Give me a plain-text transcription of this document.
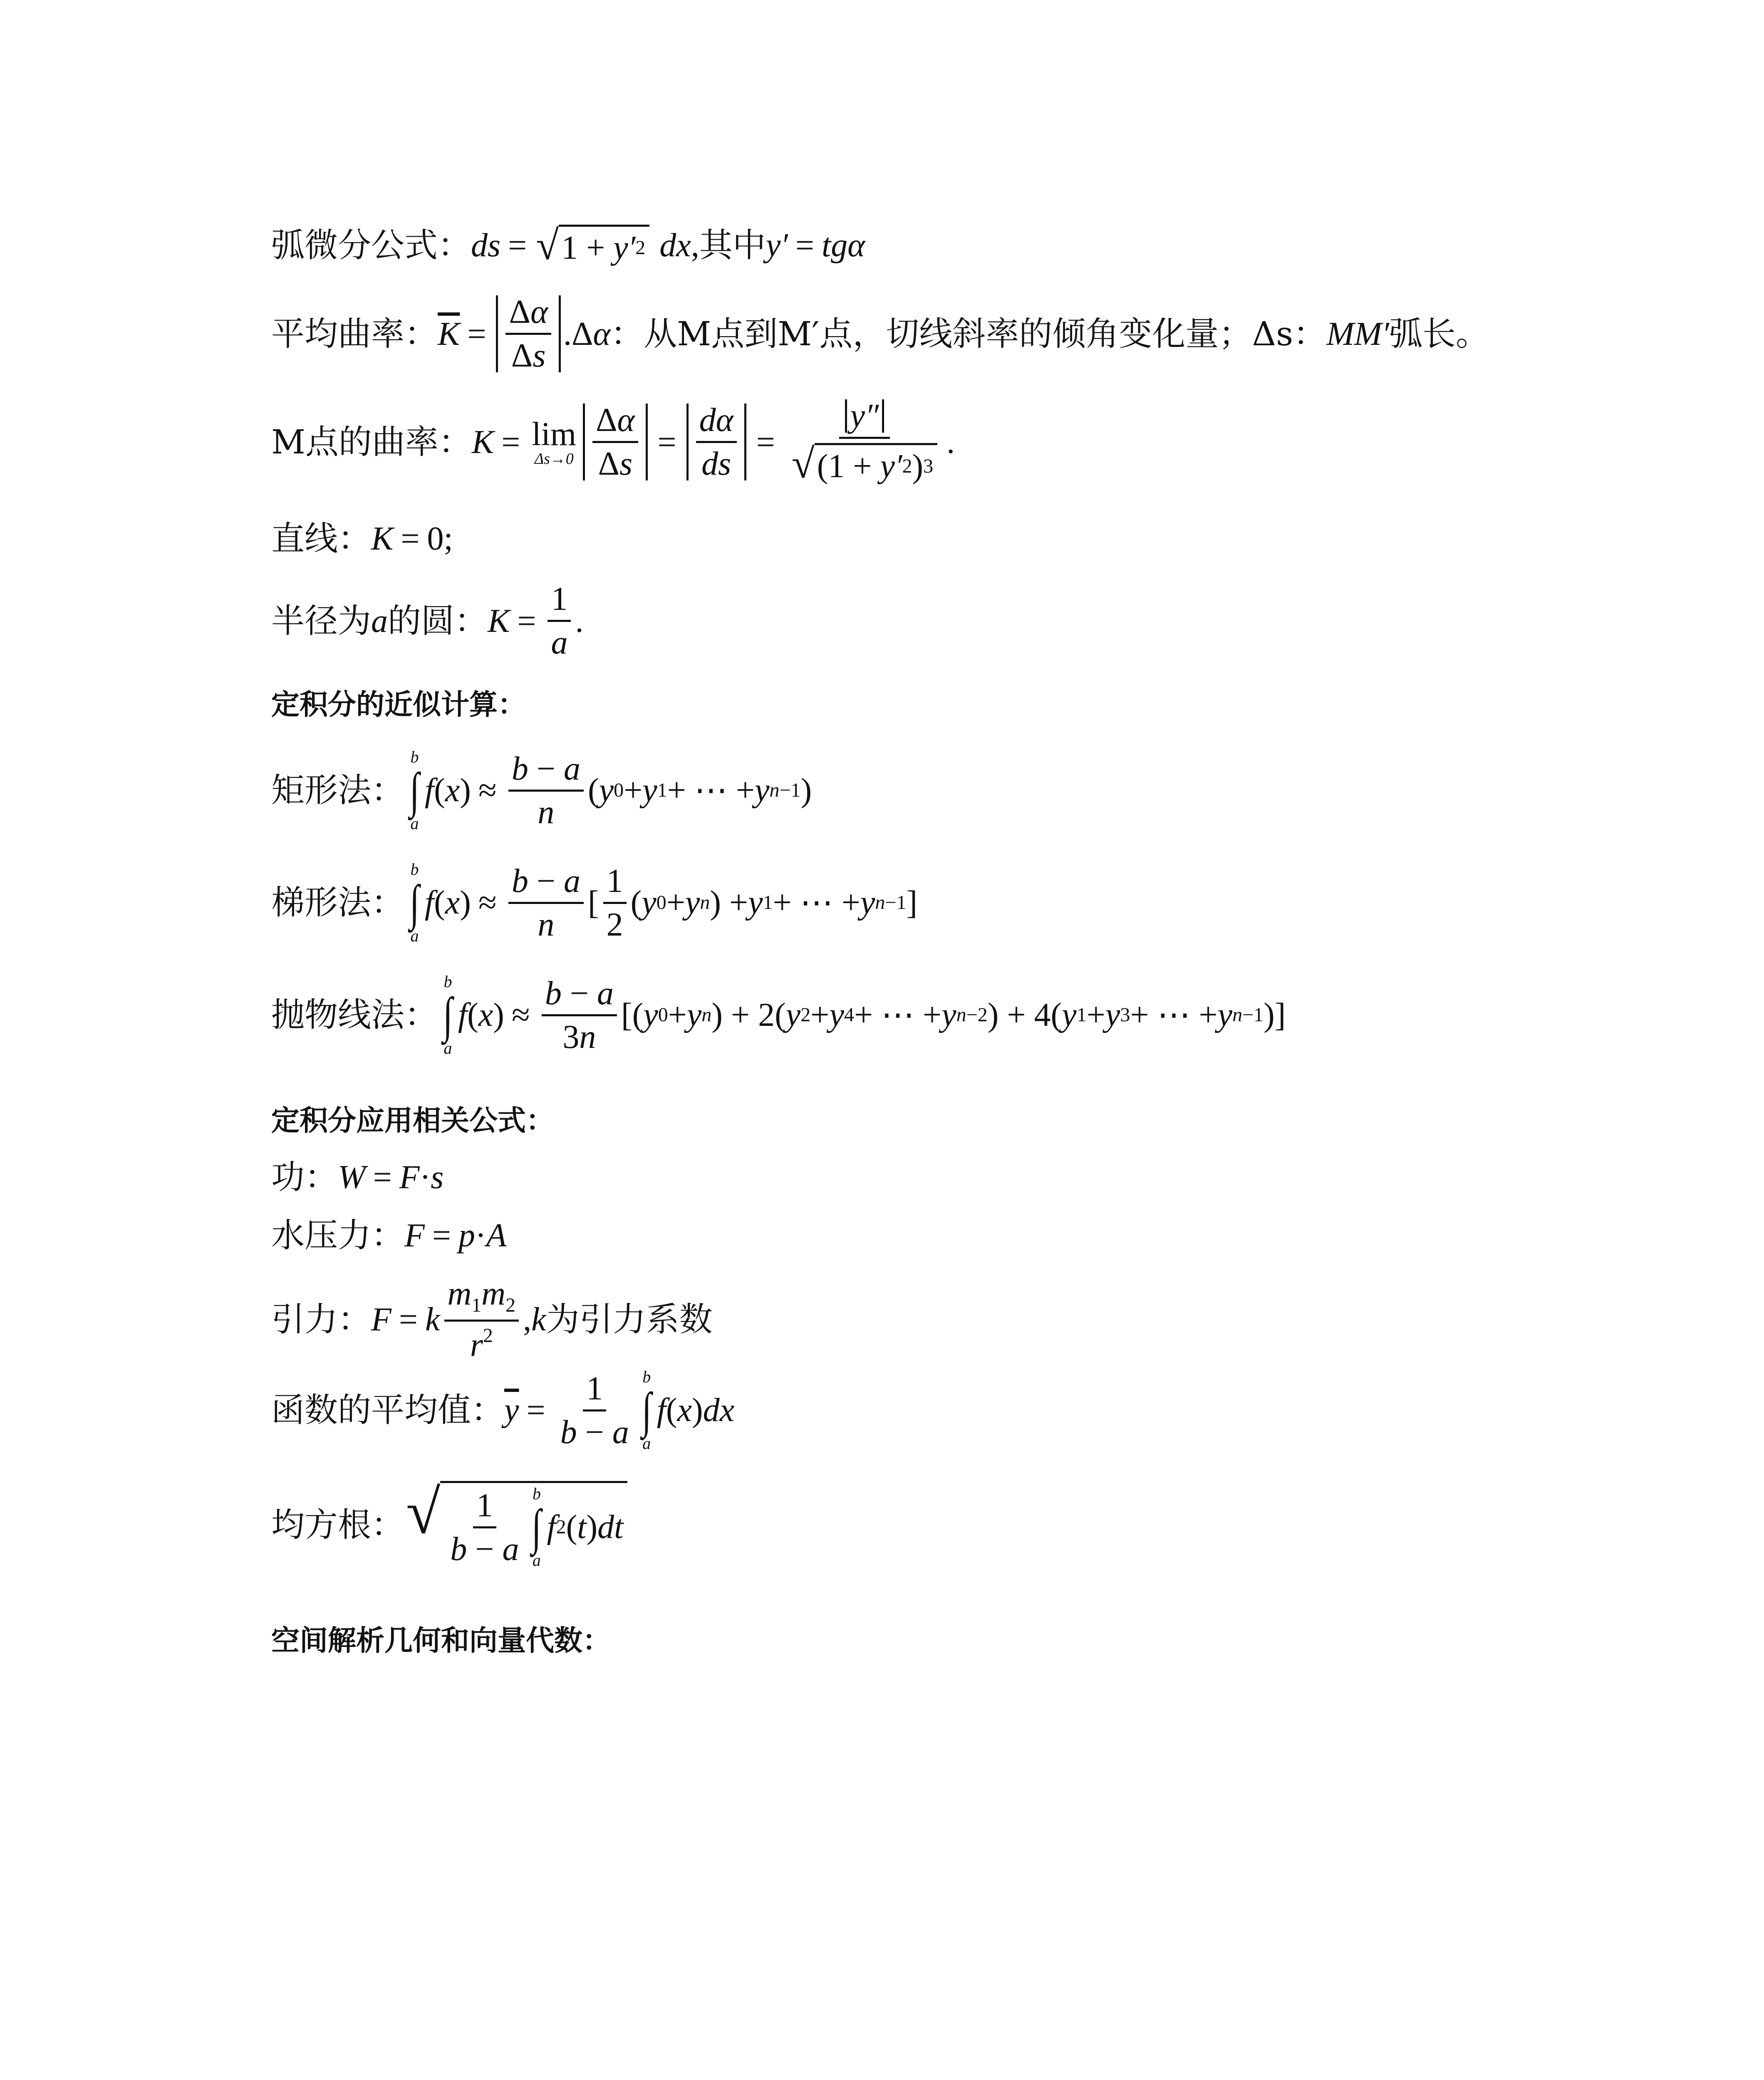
弧微分公式： ds = √ 1 + y′ 2 dx , 其中 y′ = tgα
平均曲率： $\overline{K} = \frac{\Delta\alpha}{\Delta s} .\Delta\alpha$ ：从M点到M′点，切线斜率的倾角变化量；Δs： MM′ 弧长。
M点的曲率： K = lim
$\Delta s\to 0 \frac{\Delta\alpha}{\Delta s} = \frac{d\alpha}{ds} = \frac{y''}{√ (1 + y' 2 ) 3}$ .
直线： K = 0;
半径为 a 的圆： $K = \frac{1}{a}$ .
定积分的近似计算：
矩形法：
b
∫
a
f ( x ) ≈ $\frac{b - a}{n}$ ( y 0 + y 1 + ⋯ + y n−1 )
梯形法：
b
∫
a
f ( x ) ≈ $\frac{b - a}{n}$ [ $\frac{1}{2}$ ( y 0 + y n ) + y 1 + ⋯ + y n−1 ]
抛物线法：
b
∫
a
f ( x ) ≈ $\frac{b - a}{3n}$ [( y 0 + y n ) + 2( y 2 + y 4 + ⋯ + y n−2 ) + 4( y 1 + y 3 + ⋯ + y n−1 )]
定积分应用相关公式：
功： W = F · s
水压力： F = p · A
引力： F = k $\frac{m_1m_2}{r^2}$ , k 为引力系数
函数的平均值： $\overline{y} = \frac{1}{b - a}$ b
∫
a
f ( x ) dx
均方根： √ $\frac{1}{b - a}$ b
∫
a
f 2 ( t ) dt
空间解析几何和向量代数：
